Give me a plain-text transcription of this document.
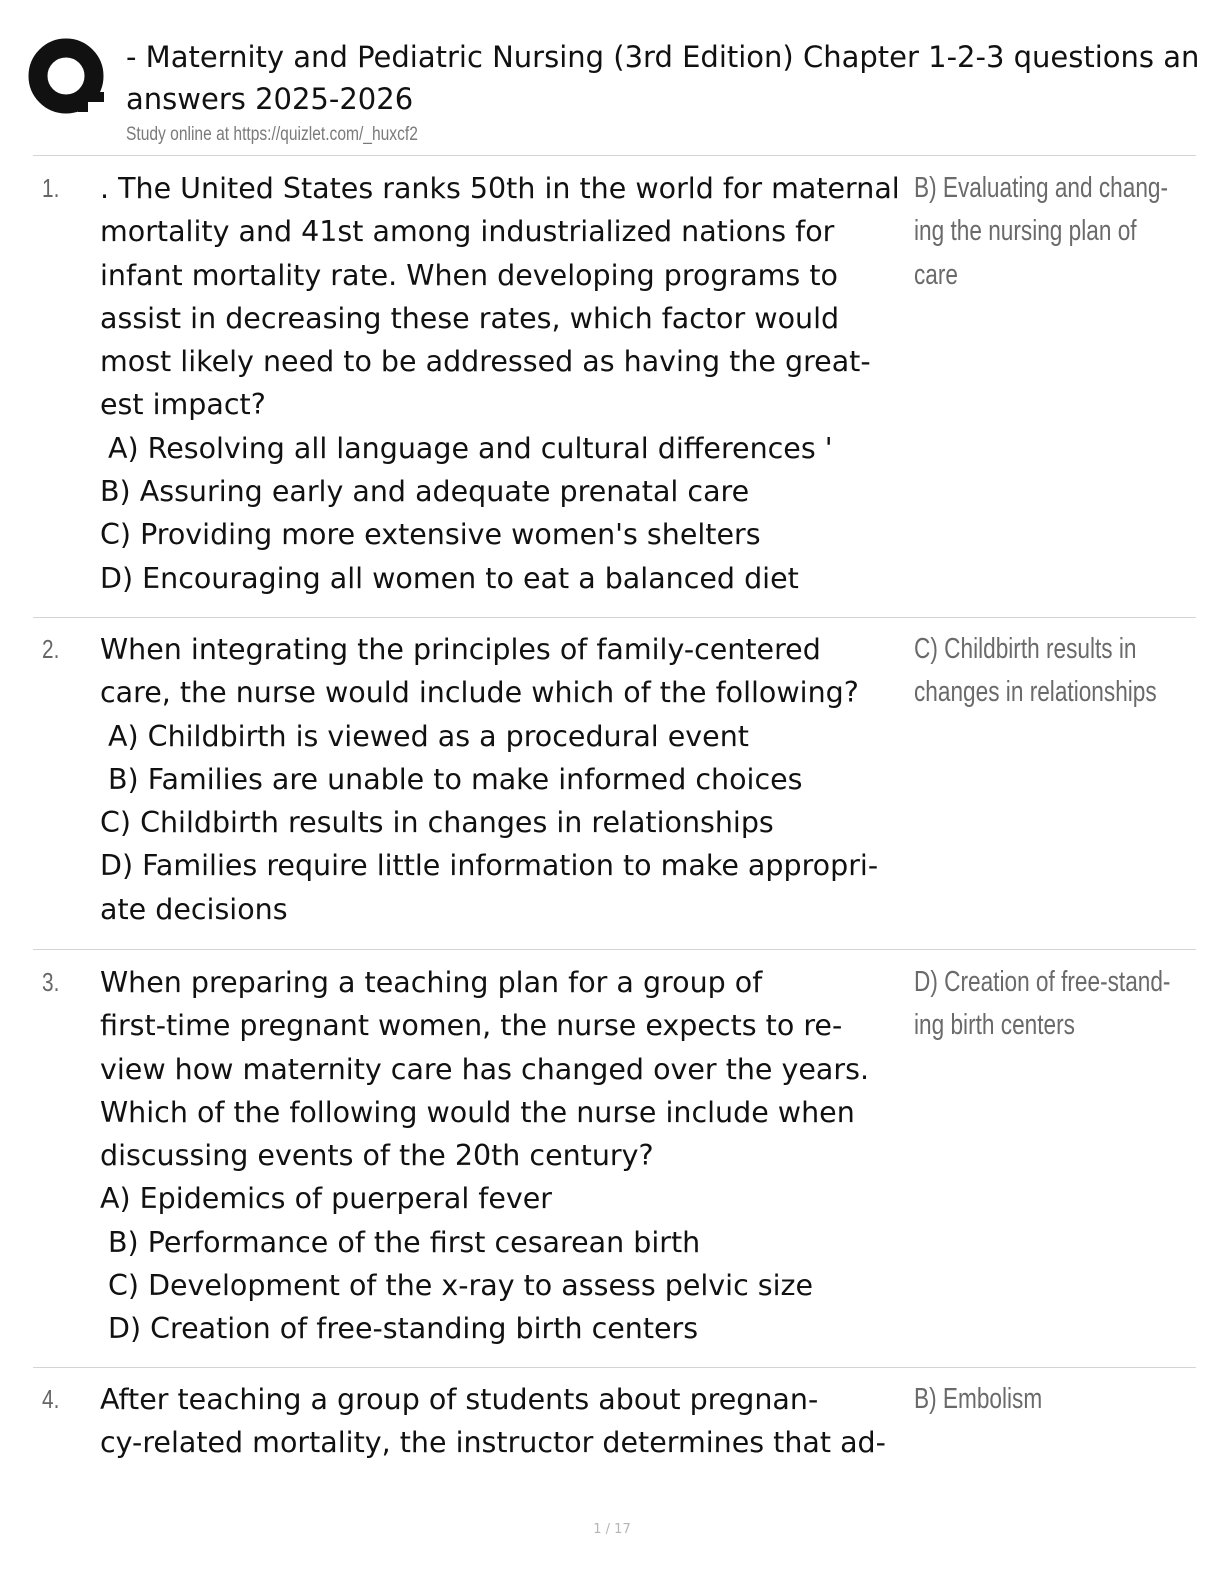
- Maternity and Pediatric Nursing (3rd Edition) Chapter 1-2-3 questions an
answers 2025-2026
Study online at https://quizlet.com/_huxcf2
1. . The United States ranks 50th in the world for maternal
mortality and 41st among industrialized nations for
infant mortality rate. When developing programs to
assist in decreasing these rates, which factor would
most likely need to be addressed as having the great-
est impact?
A) Resolving all language and cultural differences '
B) Assuring early and adequate prenatal care
C) Providing more extensive women's shelters
D) Encouraging all women to eat a balanced diet
B) Evaluating and chang-
ing the nursing plan of
care
2. When integrating the principles of family-centered
care, the nurse would include which of the following?
A) Childbirth is viewed as a procedural event
B) Families are unable to make informed choices
C) Childbirth results in changes in relationships
D) Families require little information to make appropri-
ate decisions
C) Childbirth results in
changes in relationships
3. When preparing a teaching plan for a group of
first-time pregnant women, the nurse expects to re-
view how maternity care has changed over the years.
Which of the following would the nurse include when
discussing events of the 20th century?
A) Epidemics of puerperal fever
B) Performance of the first cesarean birth
C) Development of the x-ray to assess pelvic size
D) Creation of free-standing birth centers
D) Creation of free-stand-
ing birth centers
4. After teaching a group of students about pregnan-
cy-related mortality, the instructor determines that ad-
B) Embolism
1 / 17
